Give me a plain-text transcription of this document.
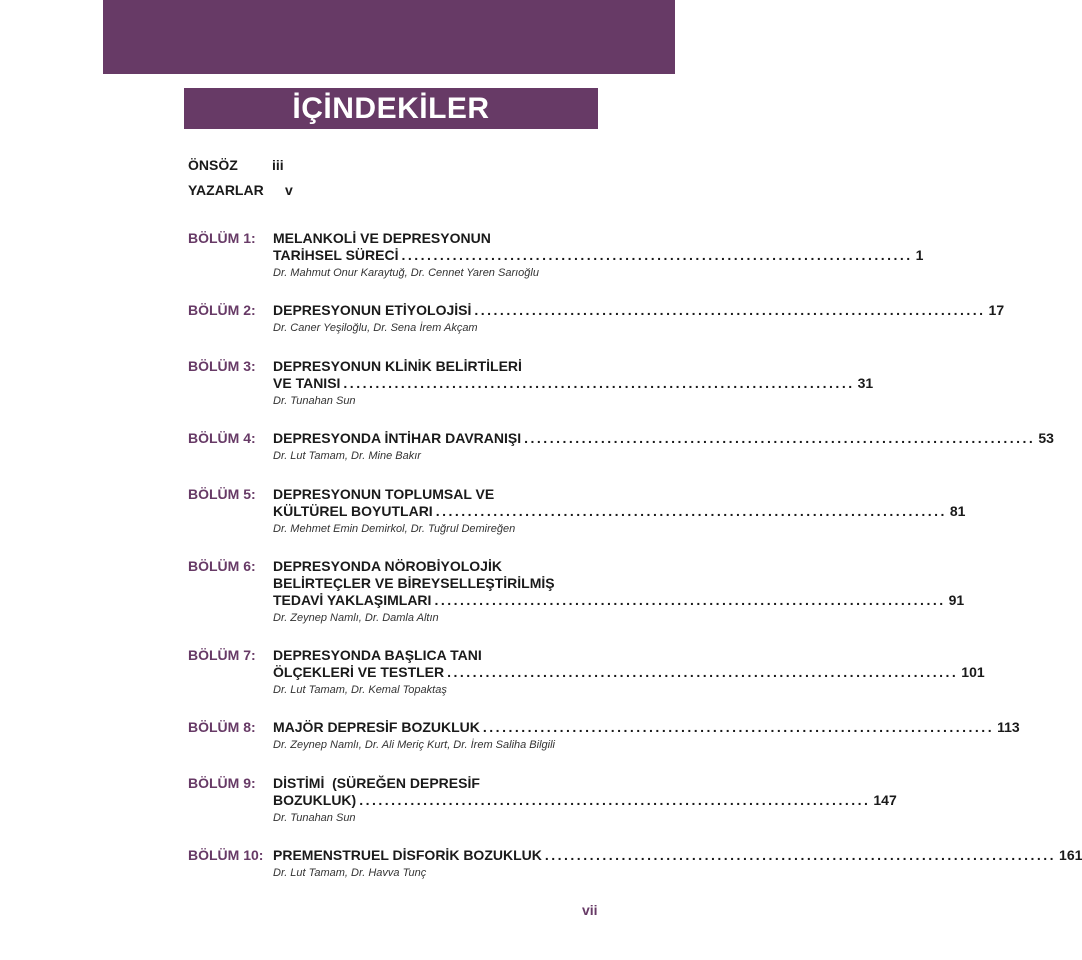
İÇİNDEKİLER
ÖNSÖZ iii
YAZARLAR v
BÖLÜM 1: MELANKOLİ VE DEPRESYONUN
TARİHSEL SÜRECİ ................................................................................ 1
Dr. Mahmut Onur Karaytuğ, Dr. Cennet Yaren Sarıoğlu
BÖLÜM 2: DEPRESYONUN ETİYOLOJİSİ ................................................................................ 17
Dr. Caner Yeşiloğlu, Dr. Sena İrem Akçam
BÖLÜM 3: DEPRESYONUN KLİNİK BELİRTİLERİ
VE TANISI ................................................................................ 31
Dr. Tunahan Sun
BÖLÜM 4: DEPRESYONDA İNTİHAR DAVRANIŞI ................................................................................ 53
Dr. Lut Tamam, Dr. Mine Bakır
BÖLÜM 5: DEPRESYONUN TOPLUMSAL VE
KÜLTÜREL BOYUTLARI ................................................................................ 81
Dr. Mehmet Emin Demirkol, Dr. Tuğrul Demireğen
BÖLÜM 6: DEPRESYONDA NÖROBİYOLOJİK
BELİRTEÇLER VE BİREYSELLEŞTİRİLMİŞ
TEDAVİ YAKLAŞIMLARI ................................................................................ 91
Dr. Zeynep Namlı, Dr. Damla Altın
BÖLÜM 7: DEPRESYONDA BAŞLICA TANI
ÖLÇEKLERİ VE TESTLER ................................................................................ 101
Dr. Lut Tamam, Dr. Kemal Topaktaş
BÖLÜM 8: MAJÖR DEPRESİF BOZUKLUK ................................................................................ 113
Dr. Zeynep Namlı, Dr. Ali Meriç Kurt, Dr. İrem Saliha Bilgili
BÖLÜM 9: DİSTİMİ  (SÜREĞEN DEPRESİF
BOZUKLUK) ................................................................................ 147
Dr. Tunahan Sun
BÖLÜM 10: PREMENSTRUEL DİSFORİK BOZUKLUK ................................................................................ 161
Dr. Lut Tamam, Dr. Havva Tunç
vii
